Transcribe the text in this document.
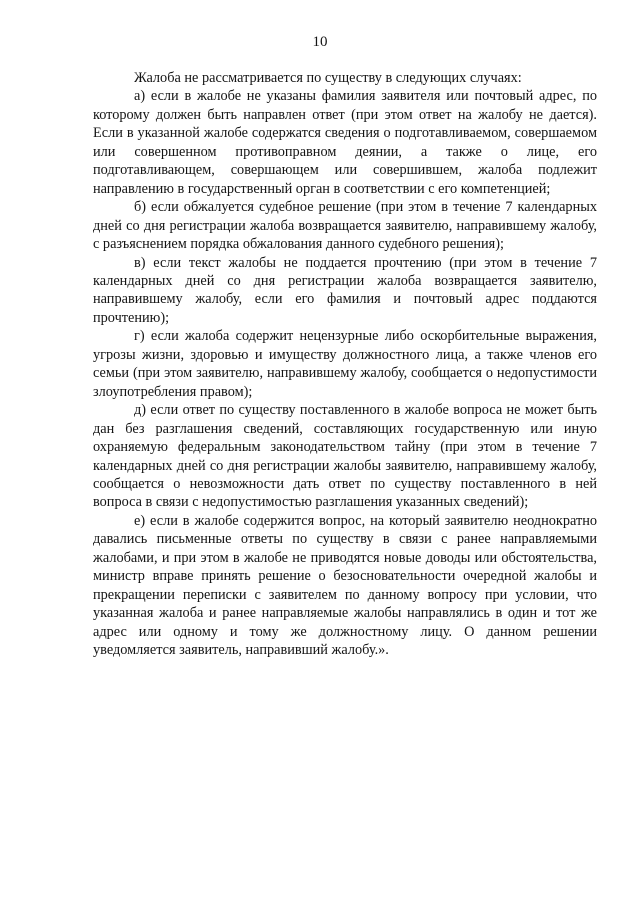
10

Жалоба не рассматривается по существу в следующих случаях:

а) если в жалобе не указаны фамилия заявителя или почтовый адрес, по которому должен быть направлен ответ (при этом ответ на жалобу не дается). Если в указанной жалобе содержатся сведения о подготавливаемом, совершаемом или совершенном противоправном деянии, а также о лице, его подготавливающем, совершающем или совершившем, жалоба подлежит направлению в государственный орган в соответствии с его компетенцией;

б) если обжалуется судебное решение (при этом в течение 7 календарных дней со дня регистрации жалоба возвращается заявителю, направившему жалобу, с разъяснением порядка обжалования данного судебного решения);

в) если текст жалобы не поддается прочтению (при этом в течение 7 календарных дней со дня регистрации жалоба возвращается заявителю, направившему жалобу, если его фамилия и почтовый адрес поддаются прочтению);

г) если жалоба содержит нецензурные либо оскорбительные выражения, угрозы жизни, здоровью и имуществу должностного лица, а также членов его семьи (при этом заявителю, направившему жалобу, сообщается о недопустимости злоупотребления правом);

д) если ответ по существу поставленного в жалобе вопроса не может быть дан без разглашения сведений, составляющих государственную или иную охраняемую федеральным законодательством тайну (при этом в течение 7 календарных дней со дня регистрации жалобы заявителю, направившему жалобу, сообщается о невозможности дать ответ по существу поставленного в ней вопроса в связи с недопустимостью разглашения указанных сведений);

е) если в жалобе содержится вопрос, на который заявителю неоднократно давались письменные ответы по существу в связи с ранее направляемыми жалобами, и при этом в жалобе не приводятся новые доводы или обстоятельства, министр вправе принять решение о безосновательности очередной жалобы и прекращении переписки с заявителем по данному вопросу при условии, что указанная жалоба и ранее направляемые жалобы направлялись в один и тот же адрес или одному и тому же должностному лицу. О данном решении уведомляется заявитель, направивший жалобу.».
